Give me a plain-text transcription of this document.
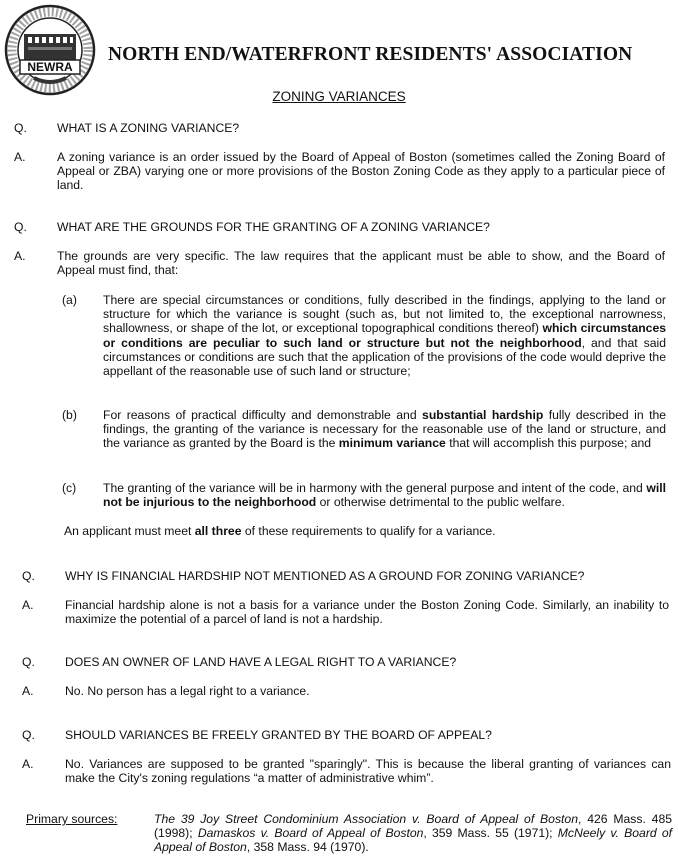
NEWRA
NORTH END/WATERFRONT RESIDENTS' ASSOCIATION
ZONING VARIANCES
Q. WHAT IS A ZONING VARIANCE?
A.	A zoning variance is an order issued by the Board of Appeal of Boston (sometimes called the Zoning Board of Appeal or ZBA) varying one or more provisions of the Boston Zoning Code as they apply to a particular piece of land.
Q. WHAT ARE THE GROUNDS FOR THE GRANTING OF A ZONING VARIANCE?
A.	The grounds are very specific. The law requires that the applicant must be able to show, and the Board of Appeal must find, that:
(a) There are special circumstances or conditions, fully described in the findings, applying to the land or structure for which the variance is sought (such as, but not limited to, the exceptional narrowness, shallowness, or shape of the lot, or exceptional topographical conditions thereof) which circumstances or conditions are peculiar to such land or structure but not the neighborhood, and that said circumstances or conditions are such that the application of the provisions of the code would deprive the appellant of the reasonable use of such land or structure;
(b) For reasons of practical difficulty and demonstrable and substantial hardship fully described in the findings, the granting of the variance is necessary for the reasonable use of the land or structure, and the variance as granted by the Board is the minimum variance that will accomplish this purpose; and
(c) The granting of the variance will be in harmony with the general purpose and intent of the code, and will not be injurious to the neighborhood or otherwise detrimental to the public welfare.
An applicant must meet all three of these requirements to qualify for a variance.
Q. WHY IS FINANCIAL HARDSHIP NOT MENTIONED AS A GROUND FOR ZONING VARIANCE?
A.	Financial hardship alone is not a basis for a variance under the Boston Zoning Code. Similarly, an inability to maximize the potential of a parcel of land is not a hardship.
Q. DOES AN OWNER OF LAND HAVE A LEGAL RIGHT TO A VARIANCE?
A.	No. No person has a legal right to a variance.
Q. SHOULD VARIANCES BE FREELY GRANTED BY THE BOARD OF APPEAL?
A.	No. Variances are supposed to be granted "sparingly". This is because the liberal granting of variances can make the City's zoning regulations “a matter of administrative whim”.
Primary sources:	The 39 Joy Street Condominium Association v. Board of Appeal of Boston, 426 Mass. 485 (1998); Damaskos v. Board of Appeal of Boston, 359 Mass. 55 (1971); McNeely v. Board of Appeal of Boston, 358 Mass. 94 (1970).
